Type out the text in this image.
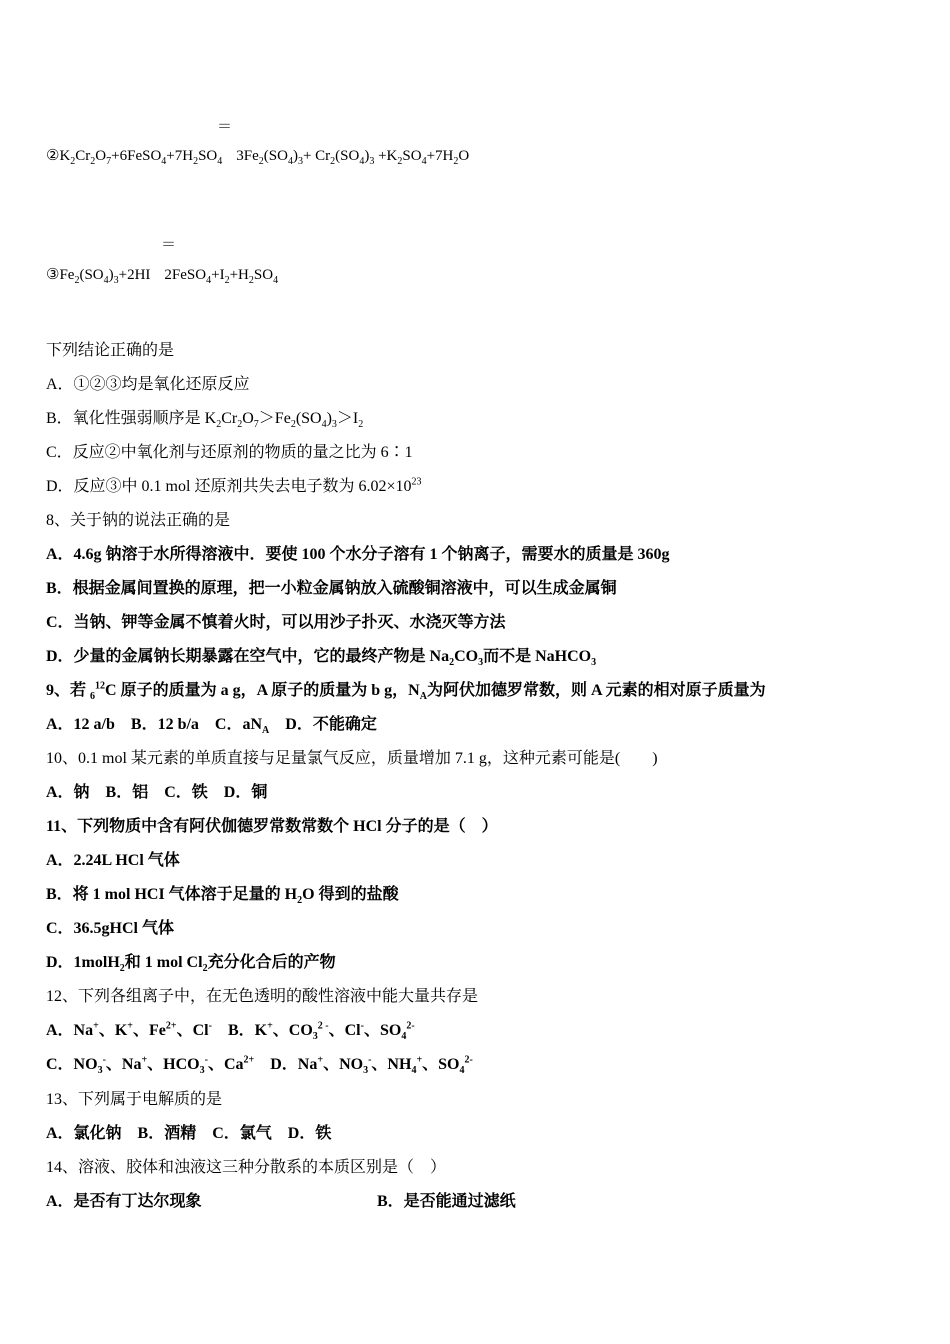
＝
$②K_2Cr_2O_7+6FeSO_4+7H_2SO_4$ $3Fe_2(SO_4)_3+ Cr_2(SO_4)_3 +K_2SO_4+7H_2O$
＝
$③Fe_2(SO_4)_3+2HI$ $2FeSO_4+I_2+H_2SO_4$
下列结论正确的是
A．①②③均是氧化还原反应
B．氧化性强弱顺序是 $K_2Cr_2O_7>Fe_2(SO_4)_3>I_2$
C．反应②中氧化剂与还原剂的物质的量之比为 6∶1
D．反应③中 0.1 mol 还原剂共失去电子数为 $6.02\times 10^{23}$
8、关于钠的说法正确的是
A．4.6g 钠溶于水所得溶液中．要使 100 个水分子溶有 1 个钠离子，需要水的质量是 360g
B．根据金属间置换的原理，把一小粒金属钠放入硫酸铜溶液中，可以生成金属铜
C．当钠、钾等金属不慎着火时，可以用沙子扑灭、水浇灭等方法
D．少量的金属钠长期暴露在空气中，它的最终产物是 $Na_2CO_3$而不是 NaHCO$_3$
9、若 $_6^{12}$C 原子的质量为 a g，A 原子的质量为 b g，$N_A$为阿伏加德罗常数，则 A 元素的相对原子质量为
A．12 a/b　B．12 b/a　C．$aN_A$　D．不能确定
10、0.1 mol 某元素的单质直接与足量氯气反应，质量增加 7.1 g，这种元素可能是(　　)
A．钠　B．铝　C．铁　D．铜
11、下列物质中含有阿伏伽德罗常数常数个 HCl 分子的是（　）
A．2.24L HCl 气体
B．将 1 mol HCI 气体溶于足量的 $H_2O$ 得到的盐酸
C．36.5gHCl 气体
D．1molH$_2$和 1 mol $Cl_2$充分化合后的产物
12、下列各组离子中，在无色透明的酸性溶液中能大量共存是
A．Na+、K+、$Fe^{2+}$、Cl-　B．K+、$CO_3^{2 -}$、Cl-、$SO_4^{2-}$
C．$NO_3^-$、Na+、$HCO_3^-$、$Ca^{2+}$　D．Na+、$NO_3^-$、$NH_4^+$、$SO_4^{2-}$
13、下列属于电解质的是
A．氯化钠　B．酒精　C．氯气　D．铁
14、溶液、胶体和浊液这三种分散系的本质区别是（　）
A．是否有丁达尔现象	B．是否能通过滤纸
